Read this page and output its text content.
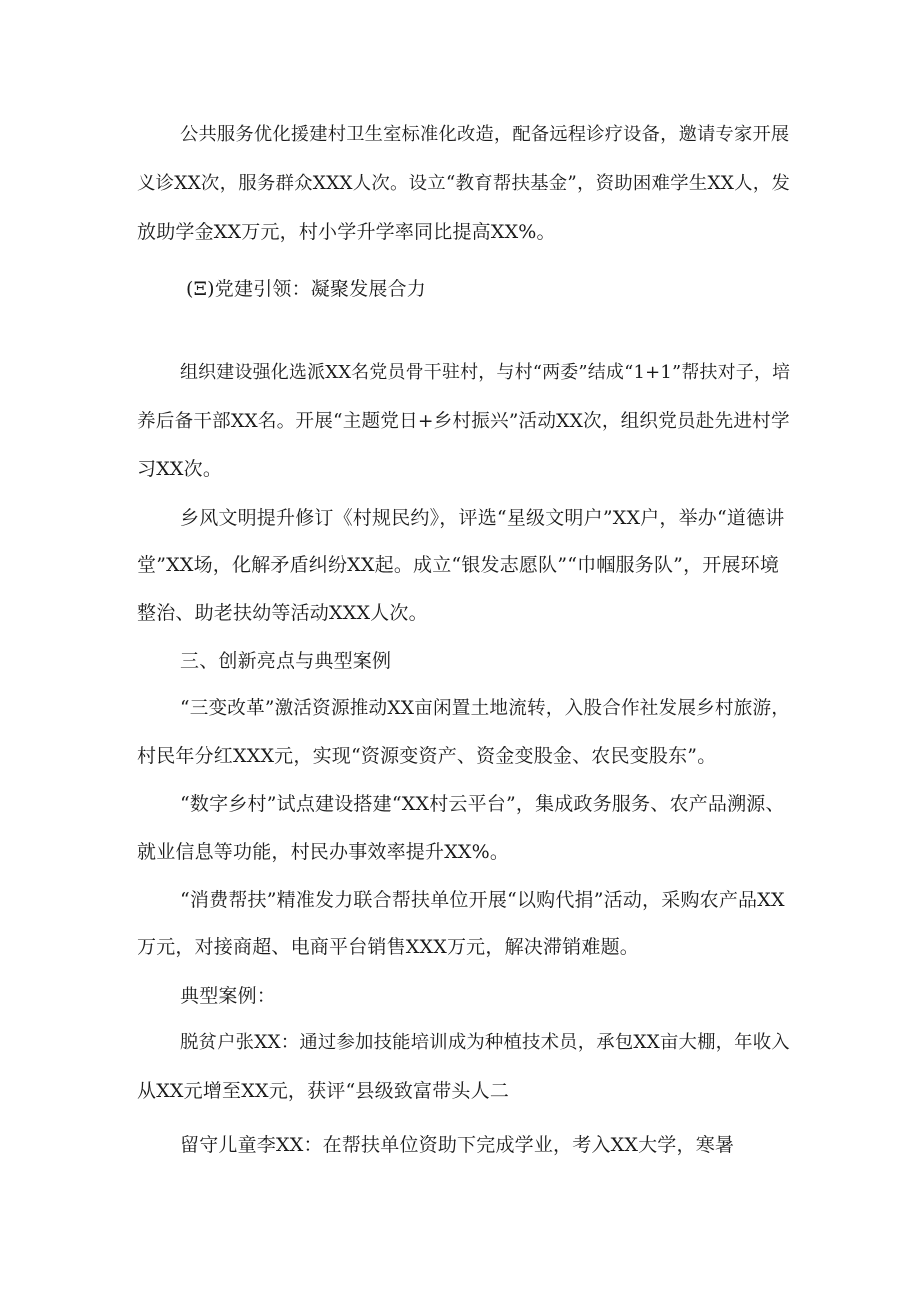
公共服务优化援建村卫生室标准化改造，配备远程诊疗设备，邀请专家开展
义诊XX次，服务群众XXX人次。设立“教育帮扶基金”，资助困难学生XX人，发
放助学金XX万元，村小学升学率同比提高XX%。
(Ξ)党建引领：凝聚发展合力
组织建设强化选派XX名党员骨干驻村，与村“两委”结成“1+1”帮扶对子，培
养后备干部XX名。开展“主题党日+乡村振兴”活动XX次，组织党员赴先进村学
习XX次。
乡风文明提升修订《村规民约》，评选“星级文明户”XX户，举办“道德讲
堂”XX场，化解矛盾纠纷XX起。成立“银发志愿队”“巾帼服务队”，开展环境
整治、助老扶幼等活动XXX人次。
三、创新亮点与典型案例
“三变改革”激活资源推动XX亩闲置土地流转，入股合作社发展乡村旅游，
村民年分红XXX元，实现“资源变资产、资金变股金、农民变股东”。
“数字乡村”试点建设搭建“XX村云平台”，集成政务服务、农产品溯源、
就业信息等功能，村民办事效率提升XX%。
“消费帮扶”精准发力联合帮扶单位开展“以购代捐”活动，采购农产品XX
万元，对接商超、电商平台销售XXX万元，解决滞销难题。
典型案例：
脱贫户张XX：通过参加技能培训成为种植技术员，承包XX亩大棚，年收入
从XX元增至XX元，获评“县级致富带头人二
留守儿童李XX：在帮扶单位资助下完成学业，考入XX大学，寒暑
